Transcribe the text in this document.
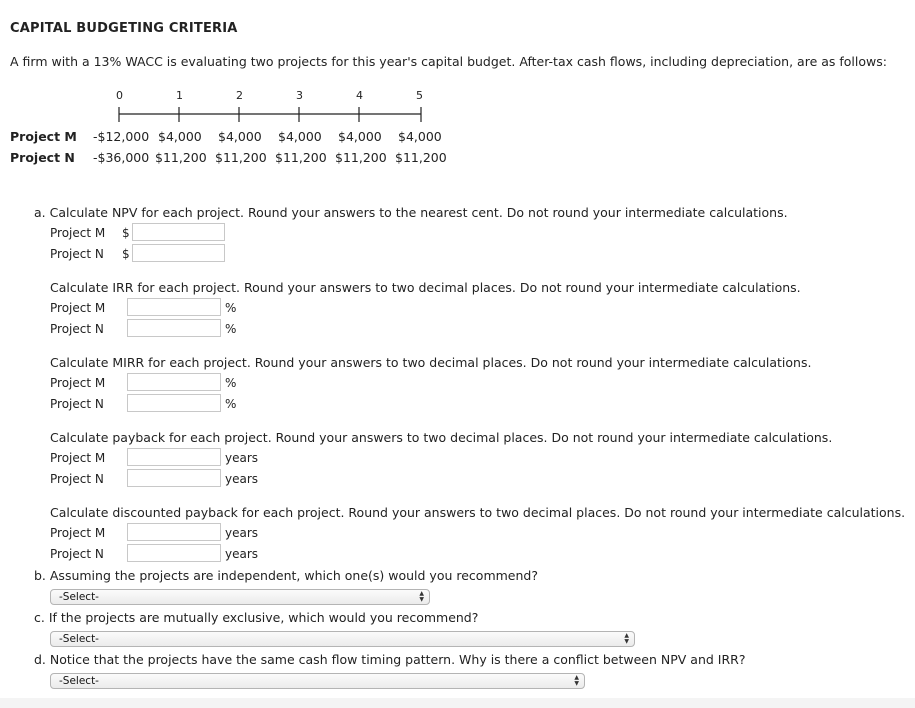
CAPITAL BUDGETING CRITERIA
A firm with a 13% WACC is evaluating two projects for this year's capital budget. After-tax cash flows, including depreciation, are as follows:
0	1	2	3	4	5
Project M -$12,000 $4,000 $4,000 $4,000 $4,000 $4,000
Project N -$36,000 $11,200 $11,200 $11,200 $11,200 $11,200
a. Calculate NPV for each project. Round your answers to the nearest cent. Do not round your intermediate calculations.
Project M $
Project N $
Calculate IRR for each project. Round your answers to two decimal places. Do not round your intermediate calculations.
Project M	%
Project N	%
Calculate MIRR for each project. Round your answers to two decimal places. Do not round your intermediate calculations.
Project M	%
Project N	%
Calculate payback for each project. Round your answers to two decimal places. Do not round your intermediate calculations.
Project M	years
Project N	years
Calculate discounted payback for each project. Round your answers to two decimal places. Do not round your intermediate calculations.
Project M	years
Project N	years
b. Assuming the projects are independent, which one(s) would you recommend?
-Select-	▲
▼
c. If the projects are mutually exclusive, which would you recommend?
-Select-	▲
▼
d. Notice that the projects have the same cash flow timing pattern. Why is there a conflict between NPV and IRR?
-Select-	▲
▼
